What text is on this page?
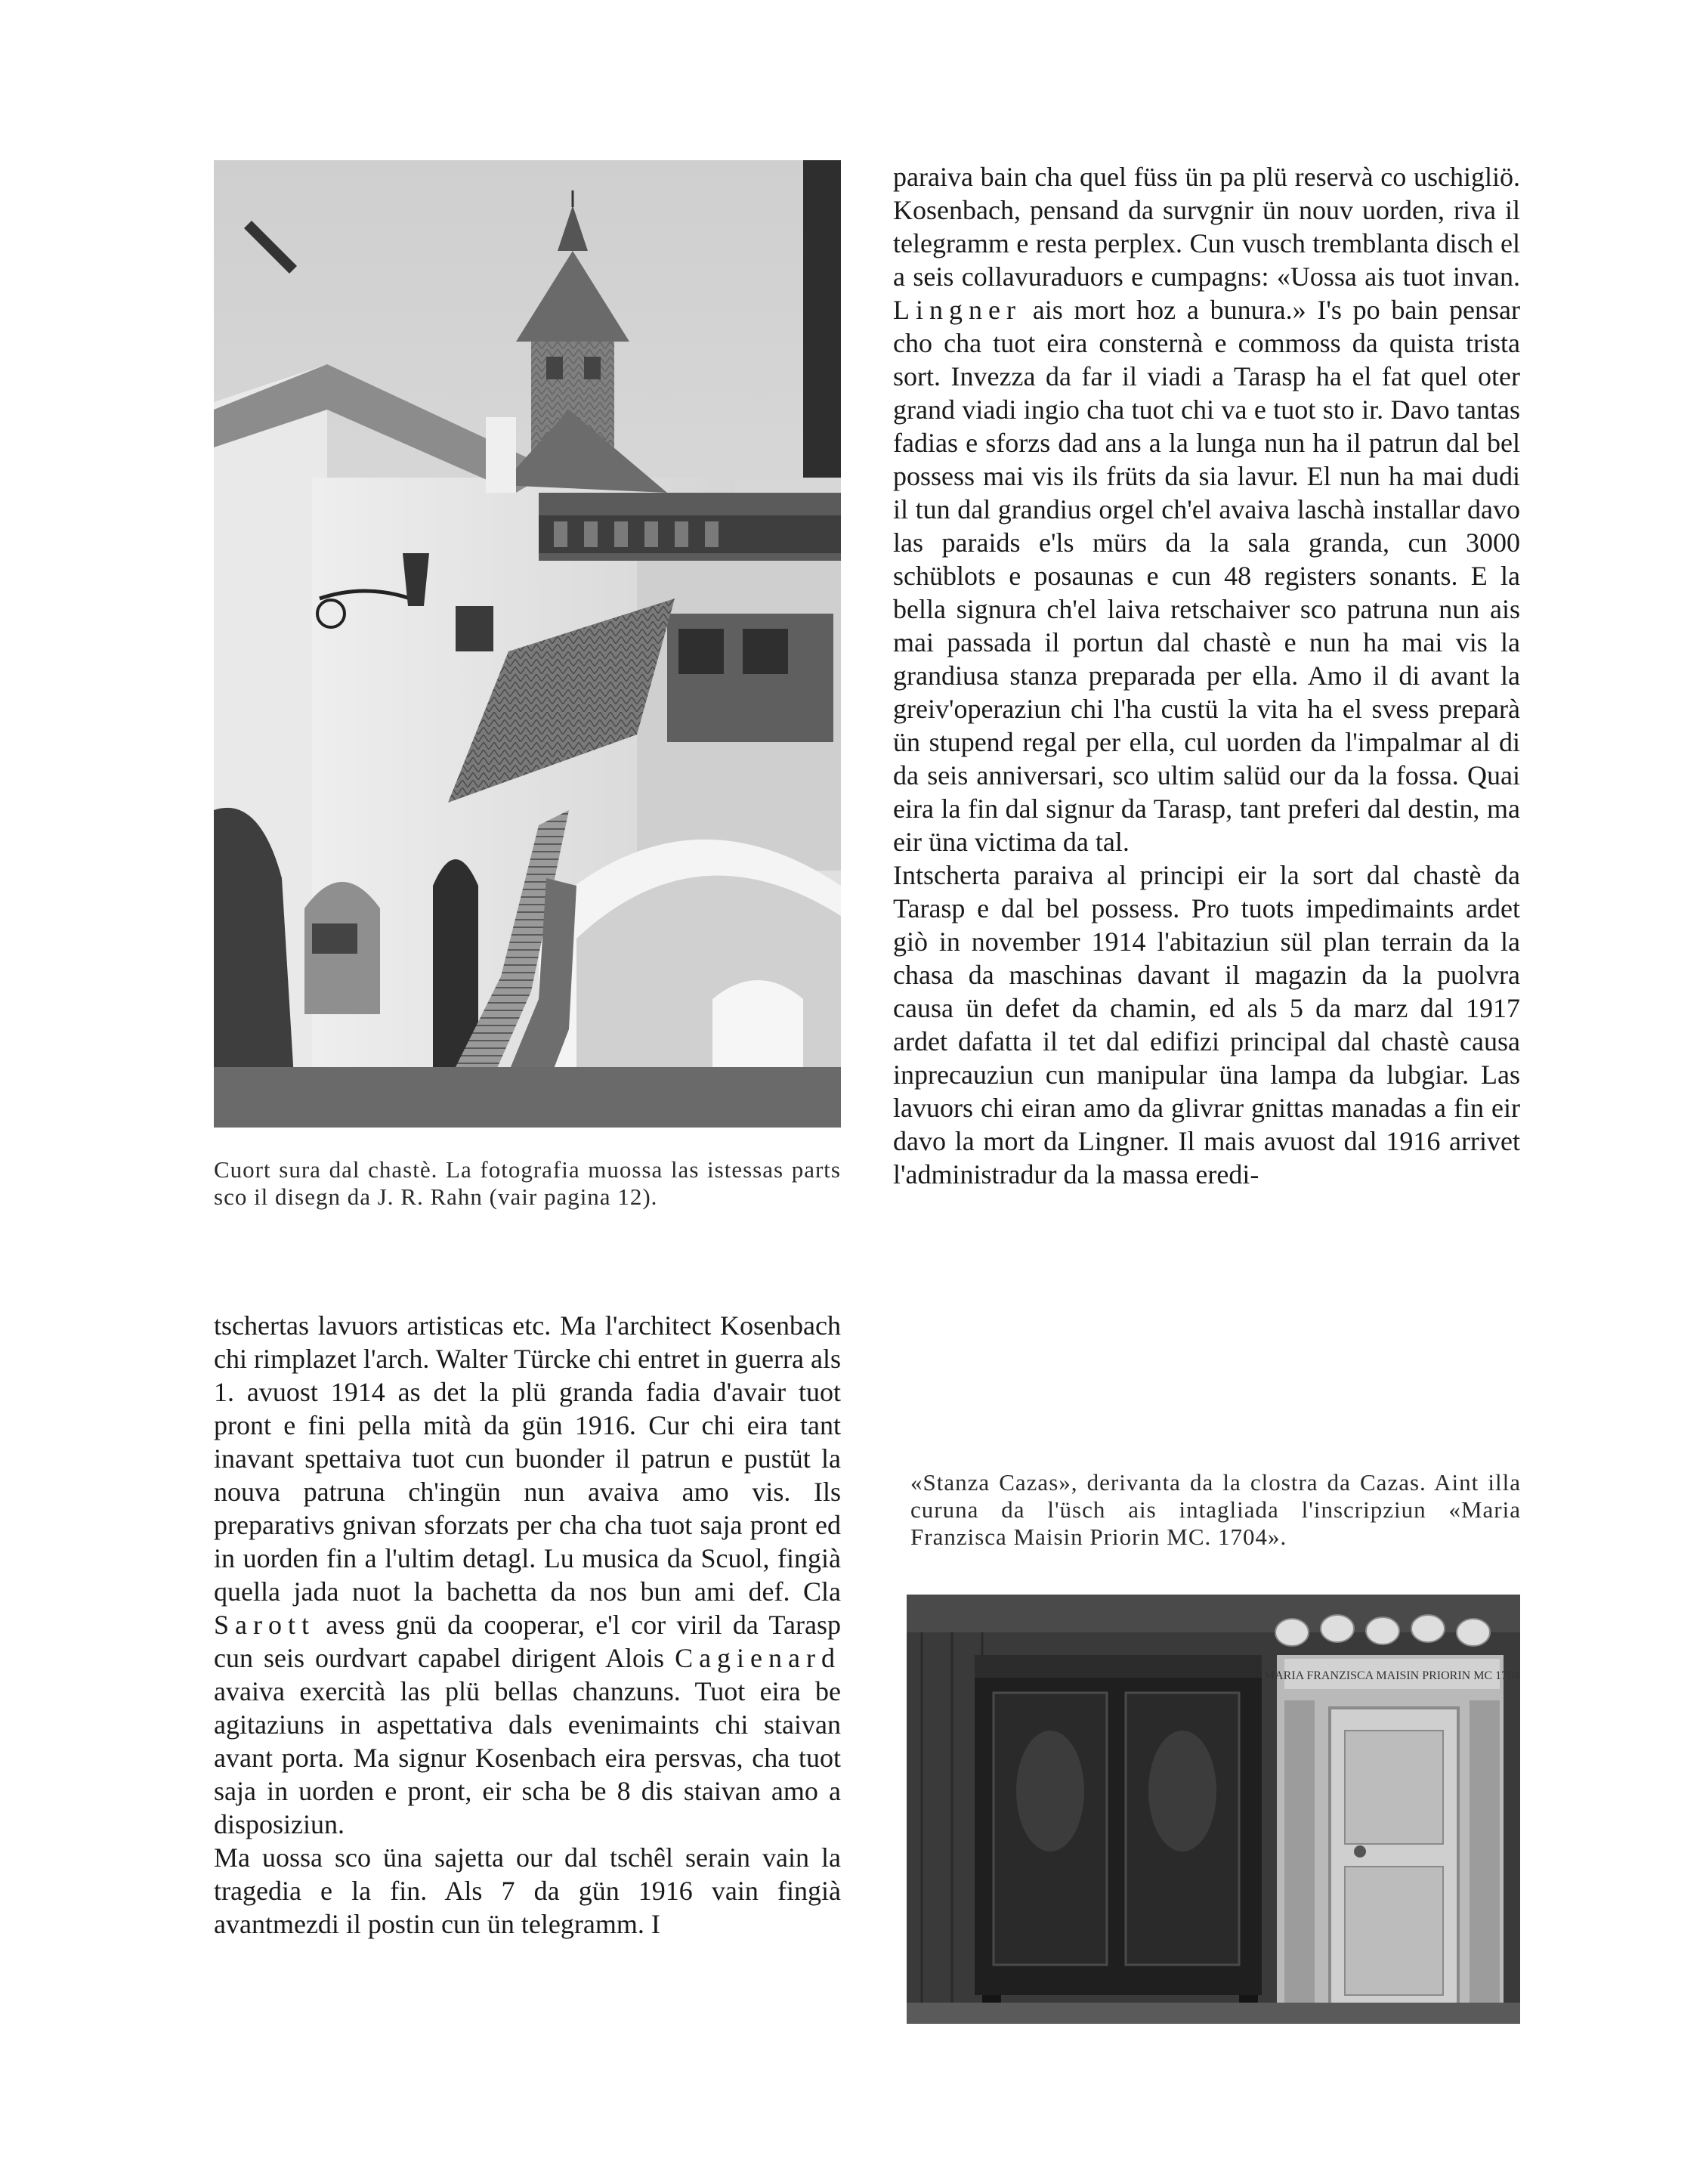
Cuort sura dal chastè. La fotografia muossa las istessas parts sco il disegn da J. R. Rahn (vair pagina 12).

tschertas lavuors artisticas etc. Ma l'architect Kosenbach chi rimplazet l'arch. Walter Türcke chi entret in guerra als 1. avuost 1914 as det la plü granda fadia d'avair tuot pront e fini pella mità da gün 1916. Cur chi eira tant inavant spettaiva tuot cun buonder il patrun e pustüt la nouva patruna ch'ingün nun avaiva amo vis. Ils preparativs gnivan sforzats per cha cha tuot saja pront ed in uorden fin a l'ultim detagl. Lu musica da Scuol, fingià quella jada nuot la bachetta da nos bun ami def. Cla Sarott avess gnü da cooperar, e'l cor viril da Tarasp cun seis ourdvart capabel dirigent Alois Cagienard avaiva exercità las plü bellas chanzuns. Tuot eira be agitaziuns in aspettativa dals evenimaints chi staivan avant porta. Ma signur Kosenbach eira persvas, cha tuot saja in uorden e pront, eir scha be 8 dis staivan amo a disposiziun.

Ma uossa sco üna sajetta our dal tschêl serain vain la tragedia e la fin. Als 7 da gün 1916 vain fingià avantmezdi il postin cun ün telegramm. I

paraiva bain cha quel füss ün pa plü reservà co uschigliö. Kosenbach, pensand da survgnir ün nouv uorden, riva il telegramm e resta perplex. Cun vusch tremblanta disch el a seis collavuraduors e cumpagns: «Uossa ais tuot invan. Lingner ais mort hoz a bunura.» I's po bain pensar cho cha tuot eira consternà e commoss da quista trista sort. Invezza da far il viadi a Tarasp ha el fat quel oter grand viadi ingio cha tuot chi va e tuot sto ir. Davo tantas fadias e sforzs dad ans a la lunga nun ha il patrun dal bel possess mai vis ils früts da sia lavur. El nun ha mai dudi il tun dal grandius orgel ch'el avaiva laschà installar davo las paraids e'ls mürs da la sala granda, cun 3000 schüblots e posaunas e cun 48 registers sonants. E la bella signura ch'el laiva retschaiver sco patruna nun ais mai passada il portun dal chastè e nun ha mai vis la grandiusa stanza preparada per ella. Amo il di avant la greiv'operaziun chi l'ha custü la vita ha el svess preparà ün stupend regal per ella, cul uorden da l'impalmar al di da seis anniversari, sco ultim salüd our da la fossa. Quai eira la fin dal signur da Tarasp, tant preferi dal destin, ma eir üna victima da tal.

Intscherta paraiva al principi eir la sort dal chastè da Tarasp e dal bel possess. Pro tuots impedimaints ardet giò in november 1914 l'abitaziun sül plan terrain da la chasa da maschinas davant il magazin da la puolvra causa ün defet da chamin, ed als 5 da marz dal 1917 ardet dafatta il tet dal edifizi principal dal chastè causa inprecauziun cun manipular üna lampa da lubgiar. Las lavuors chi eiran amo da glivrar gnittas manadas a fin eir davo la mort da Lingner. Il mais avuost dal 1916 arrivet l'administradur da la massa eredi-

«Stanza Cazas», derivanta da la clostra da Cazas. Aint illa curuna da l'üsch ais intagliada l'inscripziun «Maria Franzisca Maisin Priorin MC. 1704».
MARIA FRANZISCA MAISIN PRIORIN MC 1704
